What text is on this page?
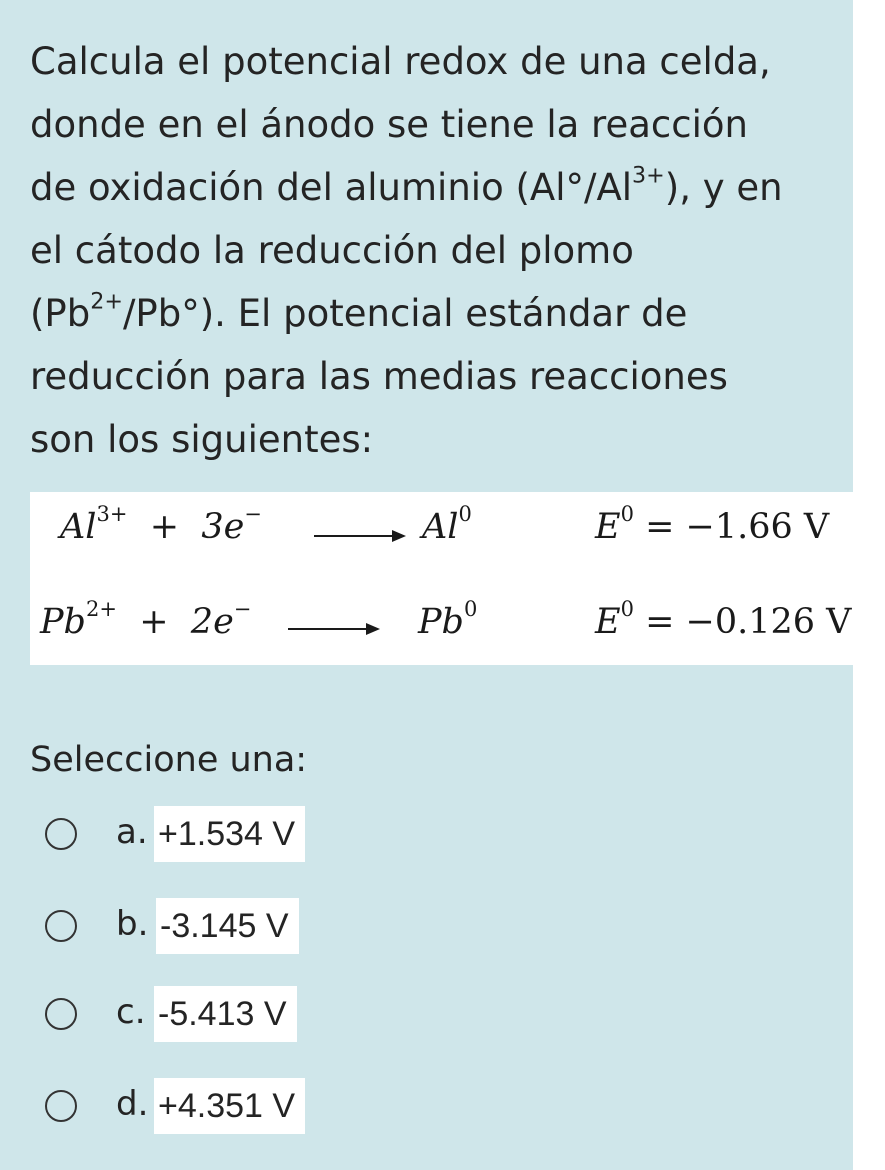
Calcula el potencial redox de una celda,
donde en el ánodo se tiene la reacción
de oxidación del aluminio $(Al^\circ/Al^{3+})$, y en
el cátodo la reducción del plomo
$(Pb^{2+}/Pb^\circ)$. El potencial estándar de
reducción para las medias reacciones
son los siguientes:
Seleccione una:
a. +1.534 V
b. -3.145 V
c. -5.413 V
d. +4.351 V
$Al^{3+} + 3e^-$	Al$^0$	$E^0 = -1.66$ V
$Pb^{2+} + 2e^-$	Pb$^0$	$E^0 = -0.126$ V
